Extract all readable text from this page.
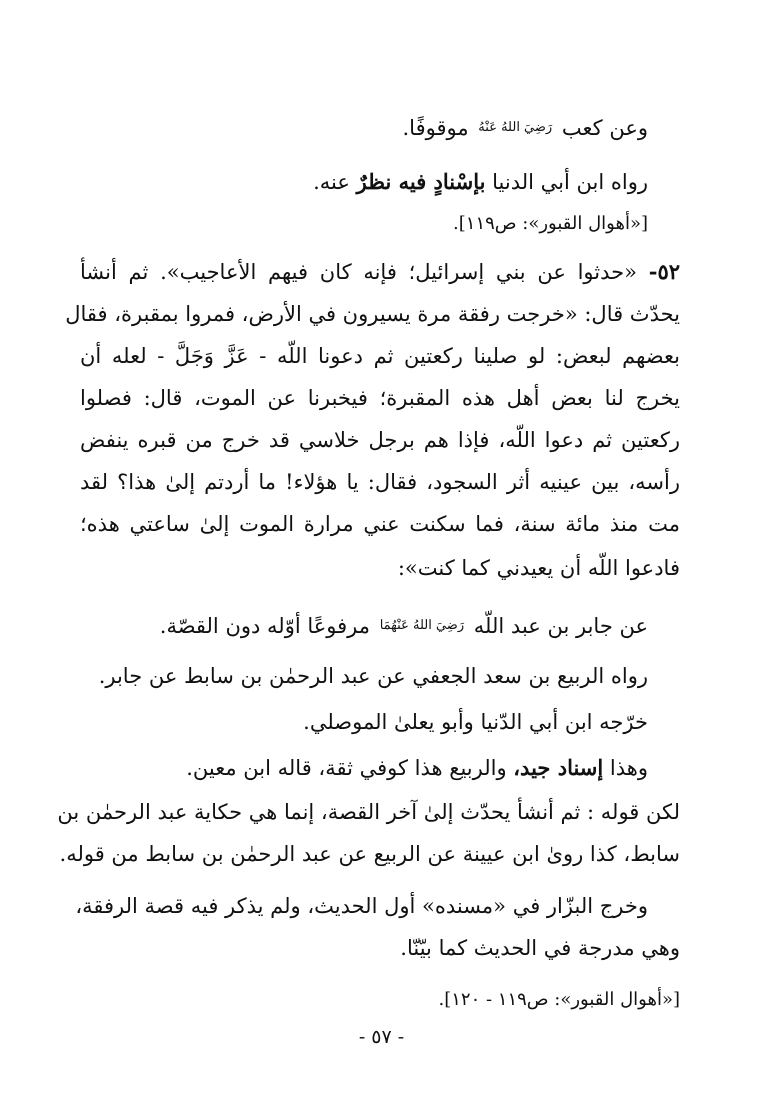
وعن كعب رَضِيَ اللهُ عَنْهُ موقوفًا.
رواه ابن أبي الدنيا بإسْنادٍ فيه نظرٌ عنه.
[«أهوال القبور»: ص١١٩].
٥٢- «حدثوا عن بني إسرائيل؛ فإنه كان فيهم الأعاجيب». ثم أنشأ
يحدّث قال: «خرجت رفقة مرة يسيرون في الأرض، فمروا بمقبرة، فقال
بعضهم لبعض: لو صلينا ركعتين ثم دعونا اللّه - عَزَّ وَجَلَّ - لعله أن
يخرج لنا بعض أهل هذه المقبرة؛ فيخبرنا عن الموت، قال: فصلوا
ركعتين ثم دعوا اللّه، فإذا هم برجل خلاسي قد خرج من قبره ينفض
رأسه، بين عينيه أثر السجود، فقال: يا هؤلاء! ما أردتم إلىٰ هذا؟ لقد
مت منذ مائة سنة، فما سكنت عني مرارة الموت إلىٰ ساعتي هذه؛
فادعوا اللّه أن يعيدني كما كنت»:
عن جابر بن عبد اللّه رَضِيَ اللهُ عَنْهُمَا مرفوعًا أوّله دون القصّة.
رواه الربيع بن سعد الجعفي عن عبد الرحمٰن بن سابط عن جابر.
خرّجه ابن أبي الدّنيا وأبو يعلىٰ الموصلي.
وهذا إسناد جيد، والربيع هذا كوفي ثقة، قاله ابن معين.
لكن قوله : ثم أنشأ يحدّث إلىٰ آخر القصة، إنما هي حكاية عبد الرحمٰن بن
سابط، كذا رویٰ ابن عيينة عن الربيع عن عبد الرحمٰن بن سابط من قوله.
وخرج البزّار في «مسنده» أول الحديث، ولم يذكر فيه قصة الرفقة،
وهي مدرجة في الحديث كما بيّنّا.
[«أهوال القبور»: ص١١٩ - ١٢٠].
- ٥٧ -
